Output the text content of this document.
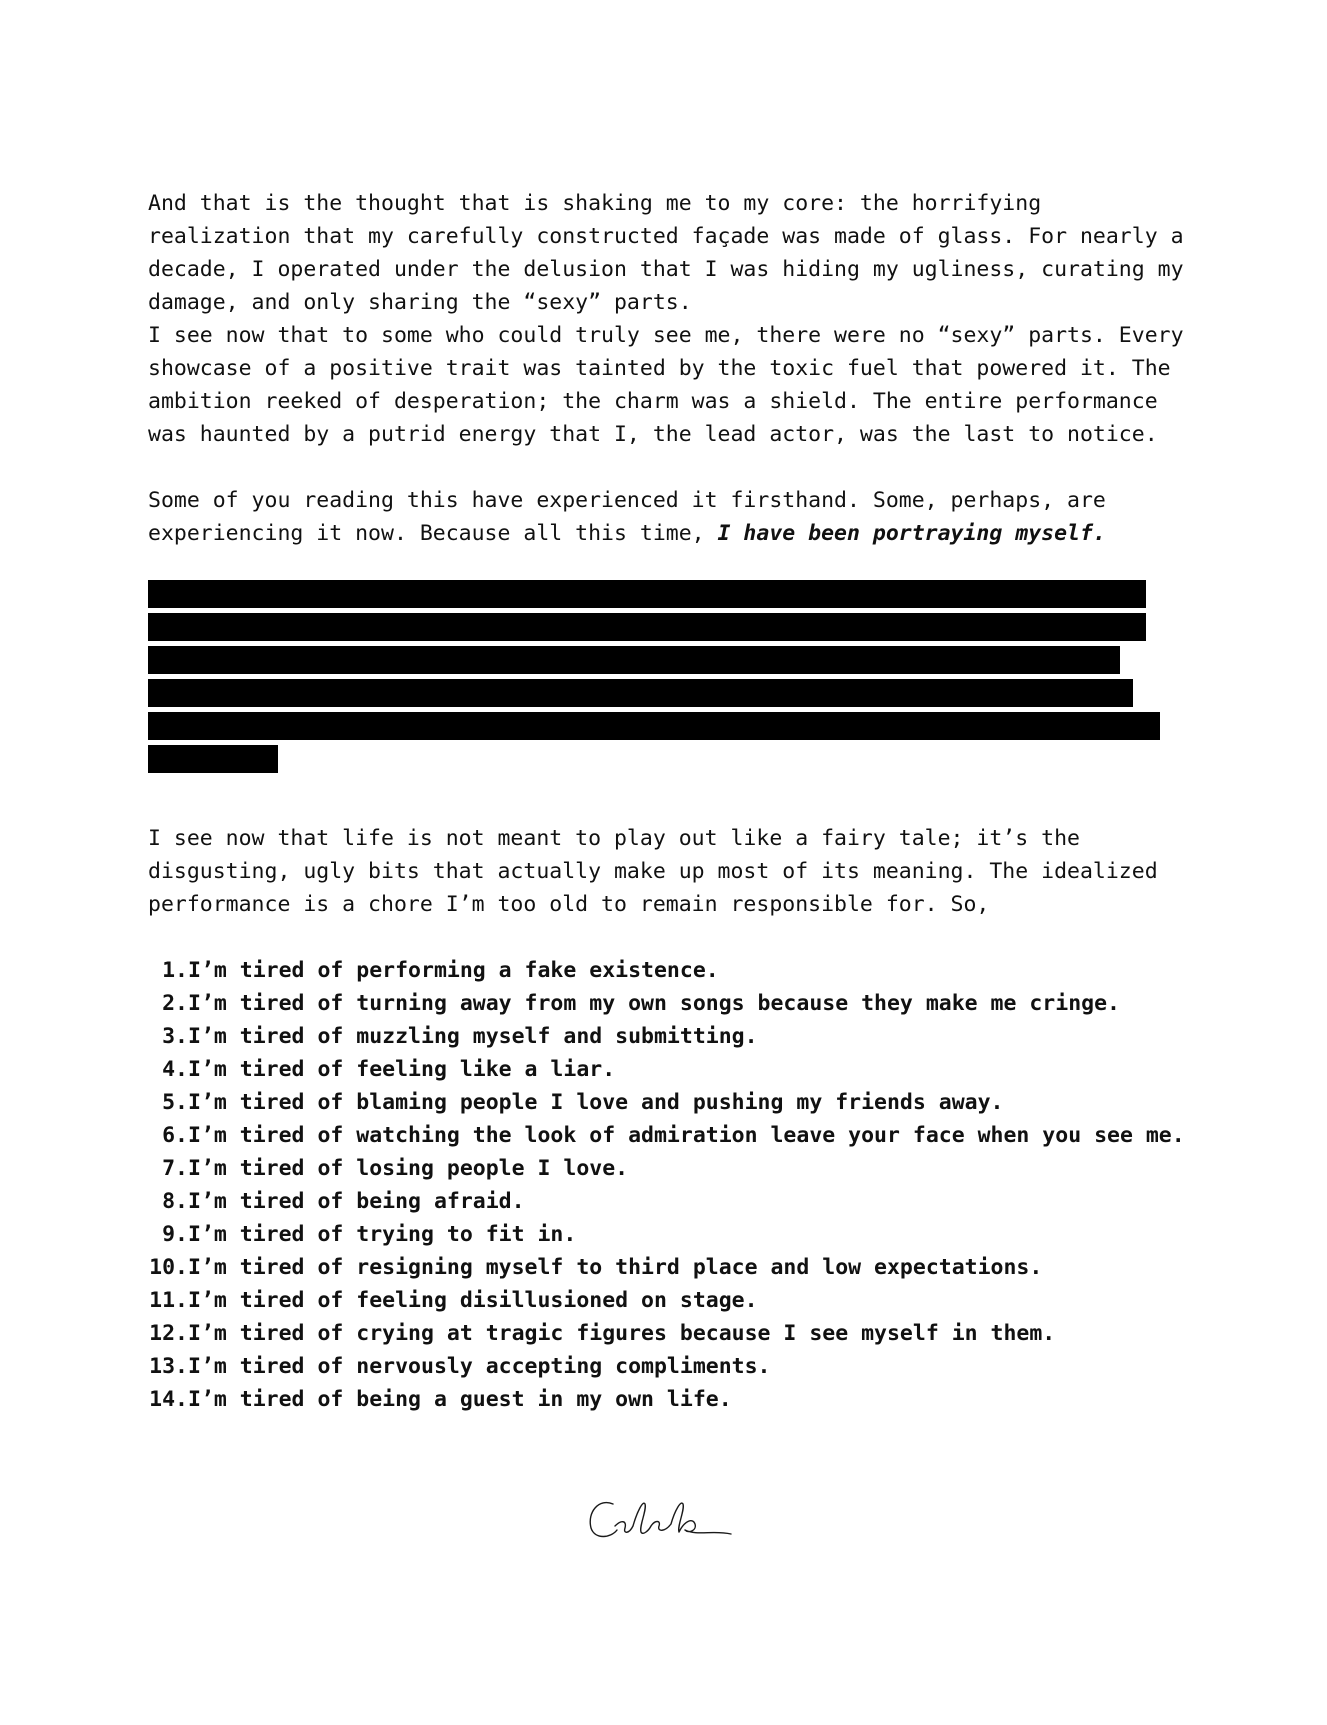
And that is the thought that is shaking me to my core: the horrifying realization that my carefully constructed façade was made of glass. For nearly a decade, I operated under the delusion that I was hiding my ugliness, curating my damage, and only sharing the “sexy” parts.

I see now that to some who could truly see me, there were no “sexy” parts. Every showcase of a positive trait was tainted by the toxic fuel that powered it. The ambition reeked of desperation; the charm was a shield. The entire performance was haunted by a putrid energy that I, the lead actor, was the last to notice.

Some of you reading this have experienced it firsthand. Some, perhaps, are experiencing it now. Because all this time, I have been portraying myself.

I see now that life is not meant to play out like a fairy tale; it’s the disgusting, ugly bits that actually make up most of its meaning. The idealized performance is a chore I’m too old to remain responsible for. So,

1. I’m tired of performing a fake existence.
2. I’m tired of turning away from my own songs because they make me cringe.
3. I’m tired of muzzling myself and submitting.
4. I’m tired of feeling like a liar.
5. I’m tired of blaming people I love and pushing my friends away.
6. I’m tired of watching the look of admiration leave your face when you see me.
7. I’m tired of losing people I love.
8. I’m tired of being afraid.
9. I’m tired of trying to fit in.
10. I’m tired of resigning myself to third place and low expectations.
11. I’m tired of feeling disillusioned on stage.
12. I’m tired of crying at tragic figures because I see myself in them.
13. I’m tired of nervously accepting compliments.
14. I’m tired of being a guest in my own life.
